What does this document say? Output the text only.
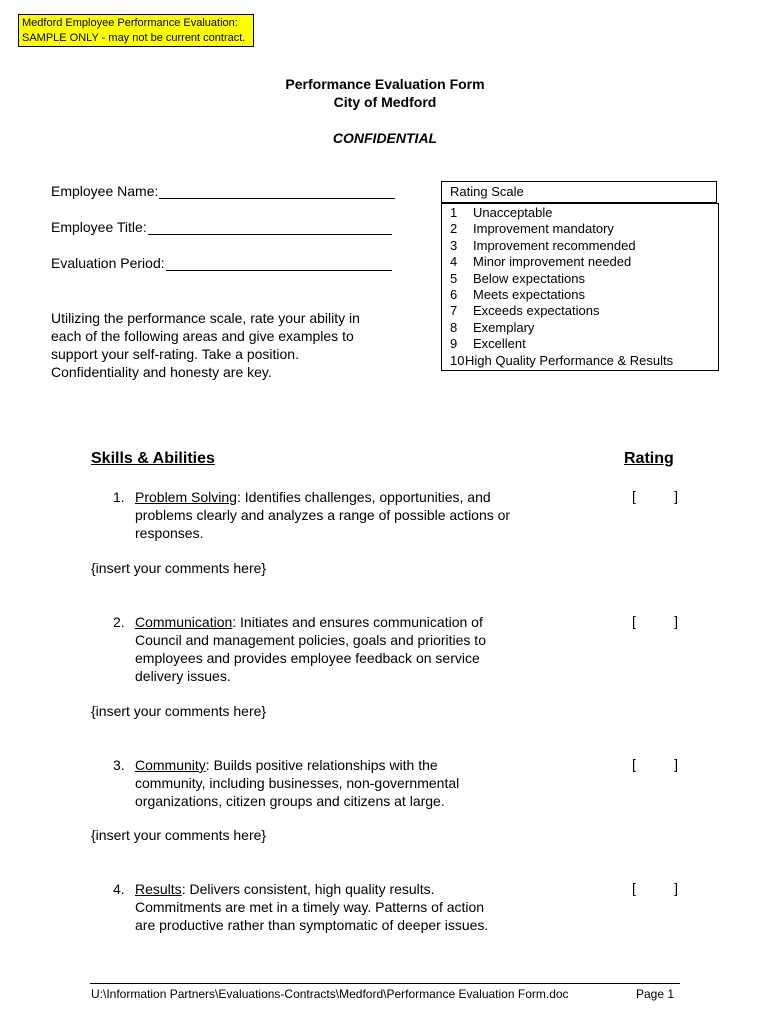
Medford Employee Performance Evaluation:
SAMPLE ONLY - may not be current contract.
Performance Evaluation Form
City of Medford
CONFIDENTIAL
Employee Name:
Employee Title:
Evaluation Period:
Utilizing the performance scale, rate your ability in
each of the following areas and give examples to
support your self-rating. Take a position.
Confidentiality and honesty are key.
Rating Scale
1	Unacceptable
2	Improvement mandatory
3	Improvement recommended
4	Minor improvement needed
5	Below expectations
6	Meets expectations
7	Exceeds expectations
8	Exemplary
9	Excellent
10 High Quality Performance & Results
Skills & Abilities	Rating
1. Problem Solving: Identifies challenges, opportunities, and
problems clearly and analyzes a range of possible actions or
responses.
[	]
{insert your comments here}
2. Communication: Initiates and ensures communication of
Council and management policies, goals and priorities to
employees and provides employee feedback on service
delivery issues.
[	]
{insert your comments here}
3. Community: Builds positive relationships with the
community, including businesses, non-governmental
organizations, citizen groups and citizens at large.
[	]
{insert your comments here}
4. Results: Delivers consistent, high quality results.
Commitments are met in a timely way. Patterns of action
are productive rather than symptomatic of deeper issues.
[	]
U:\Information Partners\Evaluations-Contracts\Medford\Performance Evaluation Form.doc	Page 1
